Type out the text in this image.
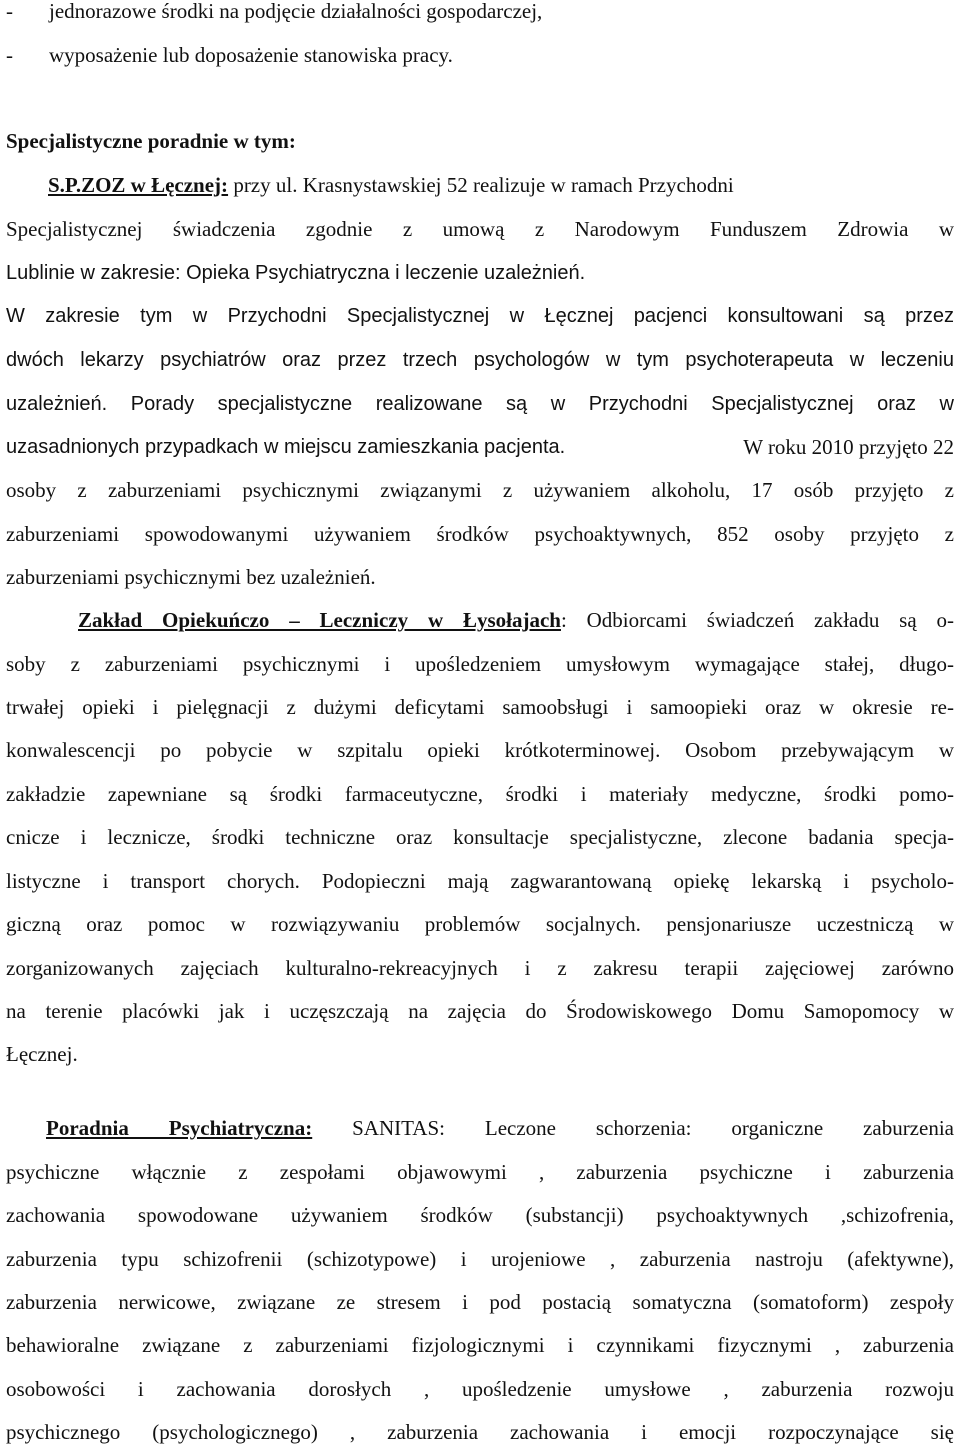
- jednorazowe środki na podjęcie działalności gospodarczej,
- wyposażenie lub doposażenie stanowiska pracy.
Specjalistyczne poradnie w tym:
S.P.ZOZ w Łęcznej: przy ul. Krasnystawskiej 52 realizuje w ramach Przychodni
Specjalistycznej świadczenia zgodnie z umową z Narodowym Funduszem Zdrowia w
Lublinie w zakresie: Opieka Psychiatryczna i leczenie uzależnień.
W zakresie tym w Przychodni Specjalistycznej w Łęcznej pacjenci konsultowani są przez
dwóch lekarzy psychiatrów oraz przez trzech psychologów w tym psychoterapeuta w leczeniu
uzależnień. Porady specjalistyczne realizowane są w Przychodni Specjalistycznej oraz w
uzasadnionych przypadkach w miejscu zamieszkania pacjenta.	W roku 2010 przyjęto 22
osoby z zaburzeniami psychicznymi związanymi z używaniem alkoholu, 17 osób przyjęto z
zaburzeniami spowodowanymi używaniem środków psychoaktywnych, 852 osoby przyjęto z
zaburzeniami psychicznymi bez uzależnień.
Zakład Opiekuńczo – Leczniczy w Łysołajach: Odbiorcami świadczeń zakładu są o-
soby z zaburzeniami psychicznymi i upośledzeniem umysłowym wymagające stałej, długo-
trwałej opieki i pielęgnacji z dużymi deficytami samoobsługi i samoopieki oraz w okresie re-
konwalescencji po pobycie w szpitalu opieki krótkoterminowej. Osobom przebywającym w
zakładzie zapewniane są środki farmaceutyczne, środki i materiały medyczne, środki pomo-
cnicze i lecznicze, środki techniczne oraz konsultacje specjalistyczne, zlecone badania specja-
listyczne i transport chorych. Podopieczni mają zagwarantowaną opiekę lekarską i psycholo-
giczną oraz pomoc w rozwiązywaniu problemów socjalnych. pensjonariusze uczestniczą w
zorganizowanych zajęciach kulturalno-rekreacyjnych i z zakresu terapii zajęciowej zarówno
na terenie placówki jak i uczęszczają na zajęcia do Środowiskowego Domu Samopomocy w
Łęcznej.
Poradnia Psychiatryczna: SANITAS: Leczone schorzenia: organiczne zaburzenia
psychiczne włącznie z zespołami objawowymi , zaburzenia psychiczne i zaburzenia
zachowania spowodowane używaniem środków (substancji) psychoaktywnych ,schizofrenia,
zaburzenia typu schizofrenii (schizotypowe) i urojeniowe , zaburzenia nastroju (afektywne),
zaburzenia nerwicowe, związane ze stresem i pod postacią somatyczna (somatoform) zespoły
behawioralne związane z zaburzeniami fizjologicznymi i czynnikami fizycznymi , zaburzenia
osobowości i zachowania dorosłych , upośledzenie umysłowe , zaburzenia rozwoju
psychicznego (psychologicznego) , zaburzenia zachowania i emocji rozpoczynające się
